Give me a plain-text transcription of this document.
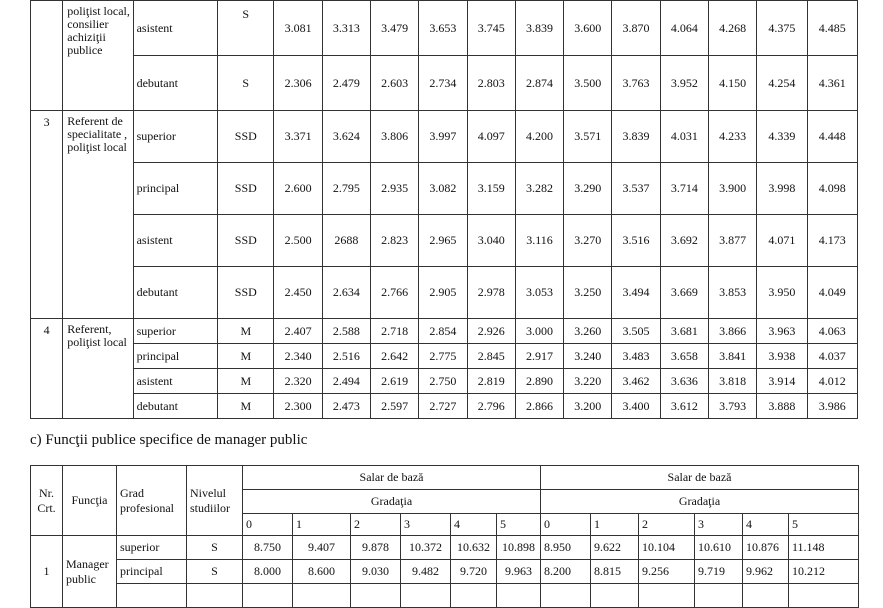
	poliţist local, consilier achiziţii publice	asistent	S	3.081	3.313	3.479	3.653	3.745	3.839	3.600	3.870	4.064	4.268	4.375	4.485
		debutant	S	2.306	2.479	2.603	2.734	2.803	2.874	3.500	3.763	3.952	4.150	4.254	4.361
3	Referent de specialitate , poliţist local	superior	SSD	3.371	3.624	3.806	3.997	4.097	4.200	3.571	3.839	4.031	4.233	4.339	4.448
		principal	SSD	2.600	2.795	2.935	3.082	3.159	3.282	3.290	3.537	3.714	3.900	3.998	4.098
		asistent	SSD	2.500	2688	2.823	2.965	3.040	3.116	3.270	3.516	3.692	3.877	4.071	4.173
		debutant	SSD	2.450	2.634	2.766	2.905	2.978	3.053	3.250	3.494	3.669	3.853	3.950	4.049
4	Referent, poliţist local	superior	M	2.407	2.588	2.718	2.854	2.926	3.000	3.260	3.505	3.681	3.866	3.963	4.063
		principal	M	2.340	2.516	2.642	2.775	2.845	2.917	3.240	3.483	3.658	3.841	3.938	4.037
		asistent	M	2.320	2.494	2.619	2.750	2.819	2.890	3.220	3.462	3.636	3.818	3.914	4.012
		debutant	M	2.300	2.473	2.597	2.727	2.796	2.866	3.200	3.400	3.612	3.793	3.888	3.986
c) Funcţii publice specifice de manager public
Nr. Crt.	Funcţia	Grad profesional	Nivelul studiilor	Salar de bază						Salar de bază					
				Gradaţia						Gradaţia					
				0	1	2	3	4	5	0	1	2	3	4	5
1	Manager public	superior	S	8.750	9.407	9.878	10.372	10.632	10.898	8.950	9.622	10.104	10.610	10.876	11.148
		principal	S	8.000	8.600	9.030	9.482	9.720	9.963	8.200	8.815	9.256	9.719	9.962	10.212
